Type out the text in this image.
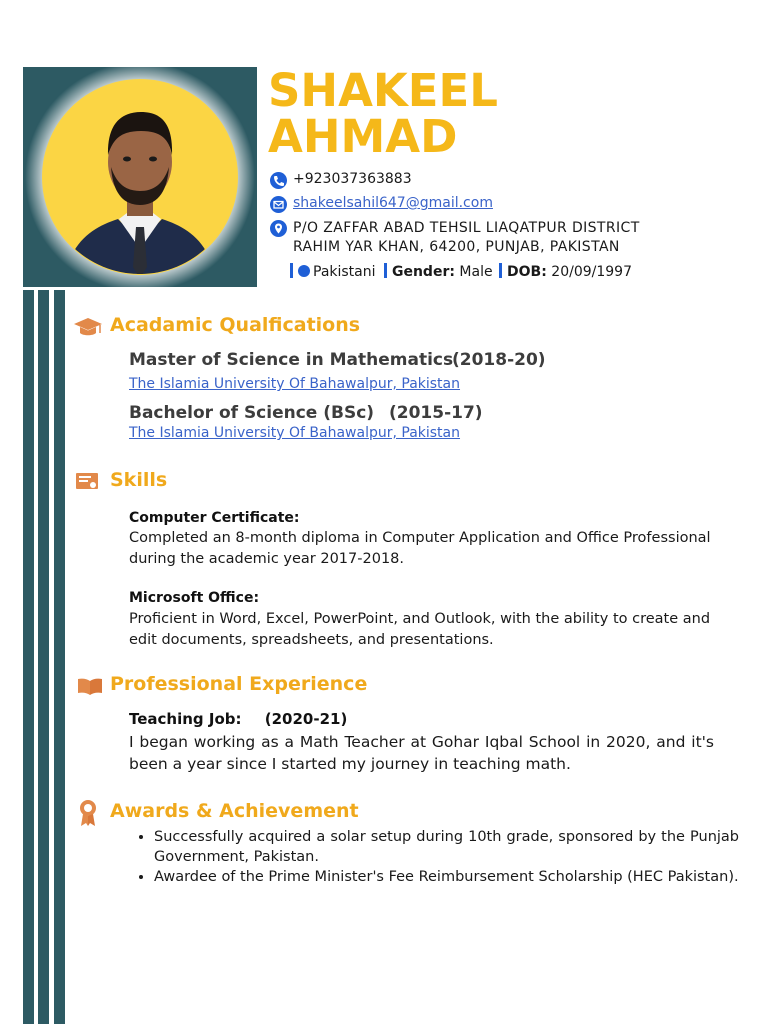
SHAKEEL
AHMAD
+923037363883
shakeelsahil647@gmail.com
P/O ZAFFAR ABAD TEHSIL LIAQATPUR DISTRICT
RAHIM YAR KHAN, 64200, PUNJAB, PAKISTAN
Pakistani Gender: Male DOB: 20/09/1997
Acadamic Qualfications
Master of Science in Mathematics
(2018-20)
The Islamia University Of Bahawalpur, Pakistan
Bachelor of Science (BSc) (2015-17)
The Islamia University Of Bahawalpur, Pakistan
Skills
Computer Certificate:
Completed an 8-month diploma in Computer Application and Office Professional during the academic year 2017-2018.
Microsoft Office:
Proficient in Word, Excel, PowerPoint, and Outlook, with the ability to create and edit documents, spreadsheets, and presentations.
Professional Experience
Teaching Job: (2020-21)
I began working as a Math Teacher at Gohar Iqbal School in 2020, and it's been a year since I started my journey in teaching math.
Awards & Achievement
• Successfully acquired a solar setup during 10th grade, sponsored by the Punjab Government, Pakistan.
• Awardee of the Prime Minister's Fee Reimbursement Scholarship (HEC Pakistan).
